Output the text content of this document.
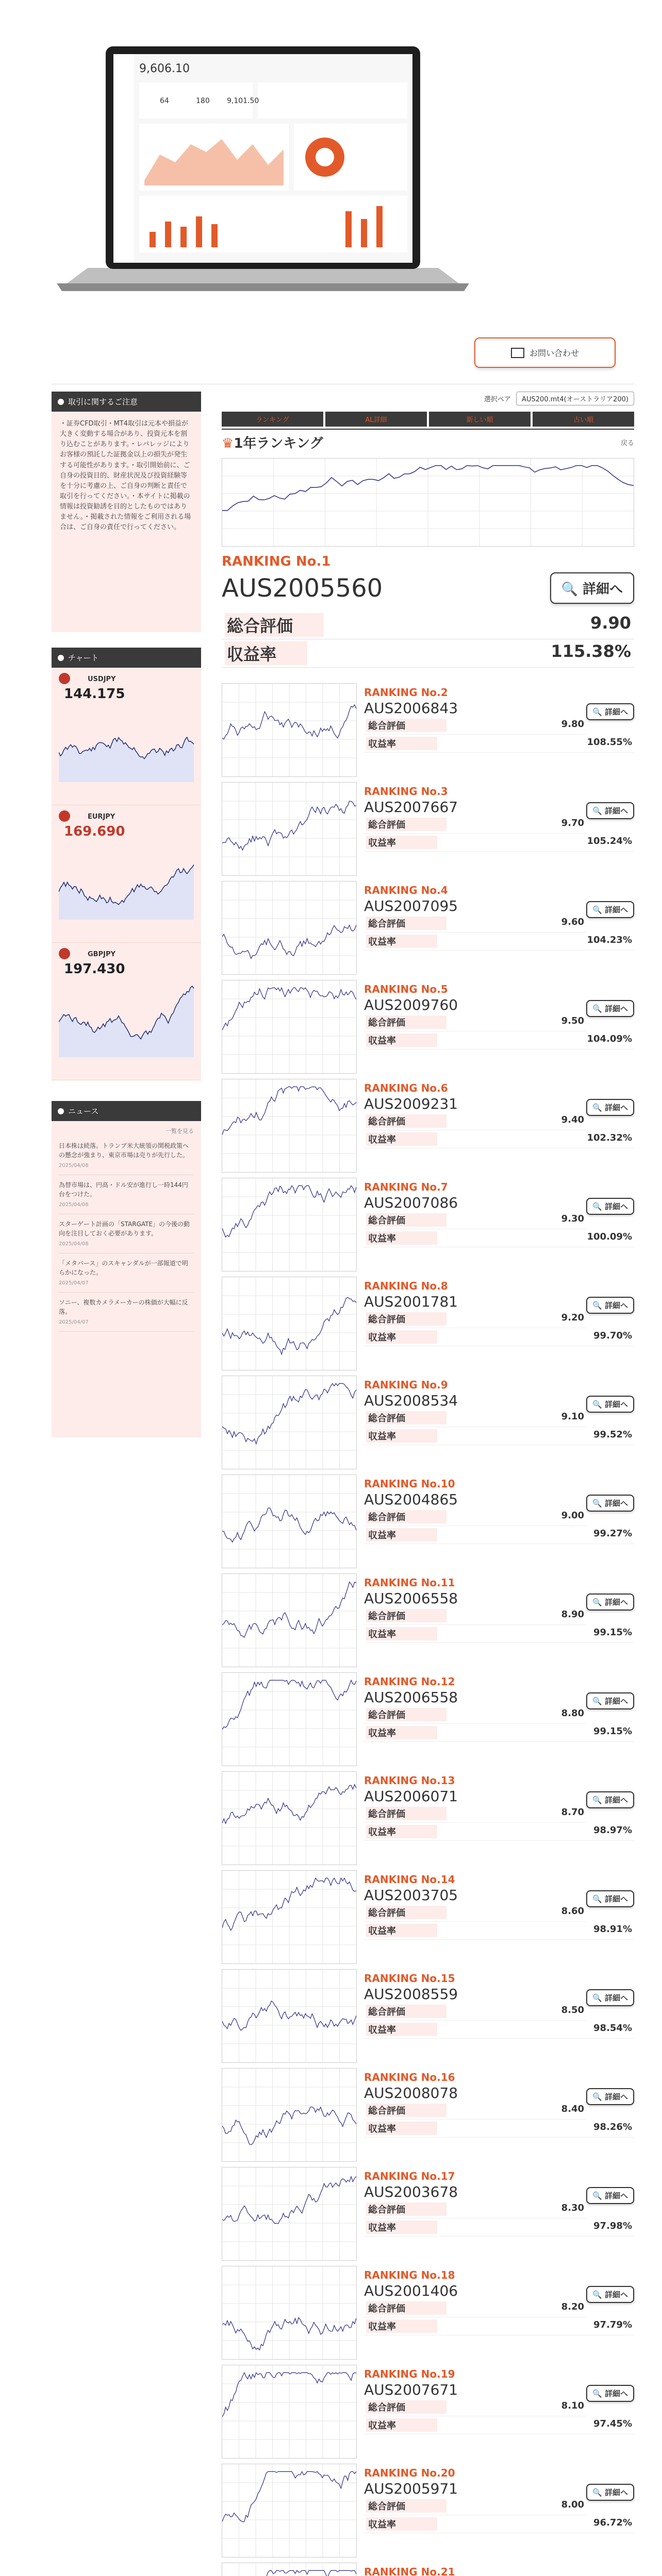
9,606.10
64	180 9,101.50
お問い合わせ
取引に関するご注意
・証券CFD取引・MT4取引は元本や損益が大きく変動する場合があり、投資元本を割り込むことがあります。・レバレッジによりお客様の預託した証拠金以上の損失が発生する可能性があります。・取引開始前に、ご自身の投資目的、財産状況及び投資経験等を十分に考慮の上、ご自身の判断と責任で取引を行ってください。・本サイトに掲載の情報は投資勧誘を目的としたものではありません。・掲載された情報をご利用される場合は、ご自身の責任で行ってください。
チャート
USDJPY
144.175
EURJPY
169.690
GBPJPY
197.430
ニュース
一覧を見る
日本株は続落。トランプ米大統領の関税政策への懸念が強まり、東京市場は売りが先行した。
2025/04/08
為替市場は、円高・ドル安が進行し一時144円台をつけた。
2025/04/08
スターゲート計画の「STARGATE」の今後の動向を注目しておく必要があります。
2025/04/08
「メタバース」のスキャンダルが一部報道で明らかになった。
2025/04/07
ソニー、複数カメラメーカーの株価が大幅に反落。
2025/04/07
選択ペア AUS200.mt4(オーストラリア200)
ランキング	AL詳細	新しい順	古い順
♛1年ランキング	戻る
RANKING No.1
AUS2005560	🔍 詳細へ
総合評価	9.90
収益率	115.38%
RANKING No.2
AUS2006843	🔍 詳細へ
総合評価	9.80
収益率	108.55%
RANKING No.3
AUS2007667	🔍 詳細へ
総合評価	9.70
収益率	105.24%
RANKING No.4
AUS2007095	🔍 詳細へ
総合評価	9.60
収益率	104.23%
RANKING No.5
AUS2009760	🔍 詳細へ
総合評価	9.50
収益率	104.09%
RANKING No.6
AUS2009231	🔍 詳細へ
総合評価	9.40
収益率	102.32%
RANKING No.7
AUS2007086	🔍 詳細へ
総合評価	9.30
収益率	100.09%
RANKING No.8
AUS2001781	🔍 詳細へ
総合評価	9.20
収益率	99.70%
RANKING No.9
AUS2008534	🔍 詳細へ
総合評価	9.10
収益率	99.52%
RANKING No.10
AUS2004865	🔍 詳細へ
総合評価	9.00
収益率	99.27%
RANKING No.11
AUS2006558	🔍 詳細へ
総合評価	8.90
収益率	99.15%
RANKING No.12
AUS2006558	🔍 詳細へ
総合評価	8.80
収益率	99.15%
RANKING No.13
AUS2006071	🔍 詳細へ
総合評価	8.70
収益率	98.97%
RANKING No.14
AUS2003705	🔍 詳細へ
総合評価	8.60
収益率	98.91%
RANKING No.15
AUS2008559	🔍 詳細へ
総合評価	8.50
収益率	98.54%
RANKING No.16
AUS2008078	🔍 詳細へ
総合評価	8.40
収益率	98.26%
RANKING No.17
AUS2003678	🔍 詳細へ
総合評価	8.30
収益率	97.98%
RANKING No.18
AUS2001406	🔍 詳細へ
総合評価	8.20
収益率	97.79%
RANKING No.19
AUS2007671	🔍 詳細へ
総合評価	8.10
収益率	97.45%
RANKING No.20
AUS2005971	🔍 詳細へ
総合評価	8.00
収益率	96.72%
RANKING No.21
